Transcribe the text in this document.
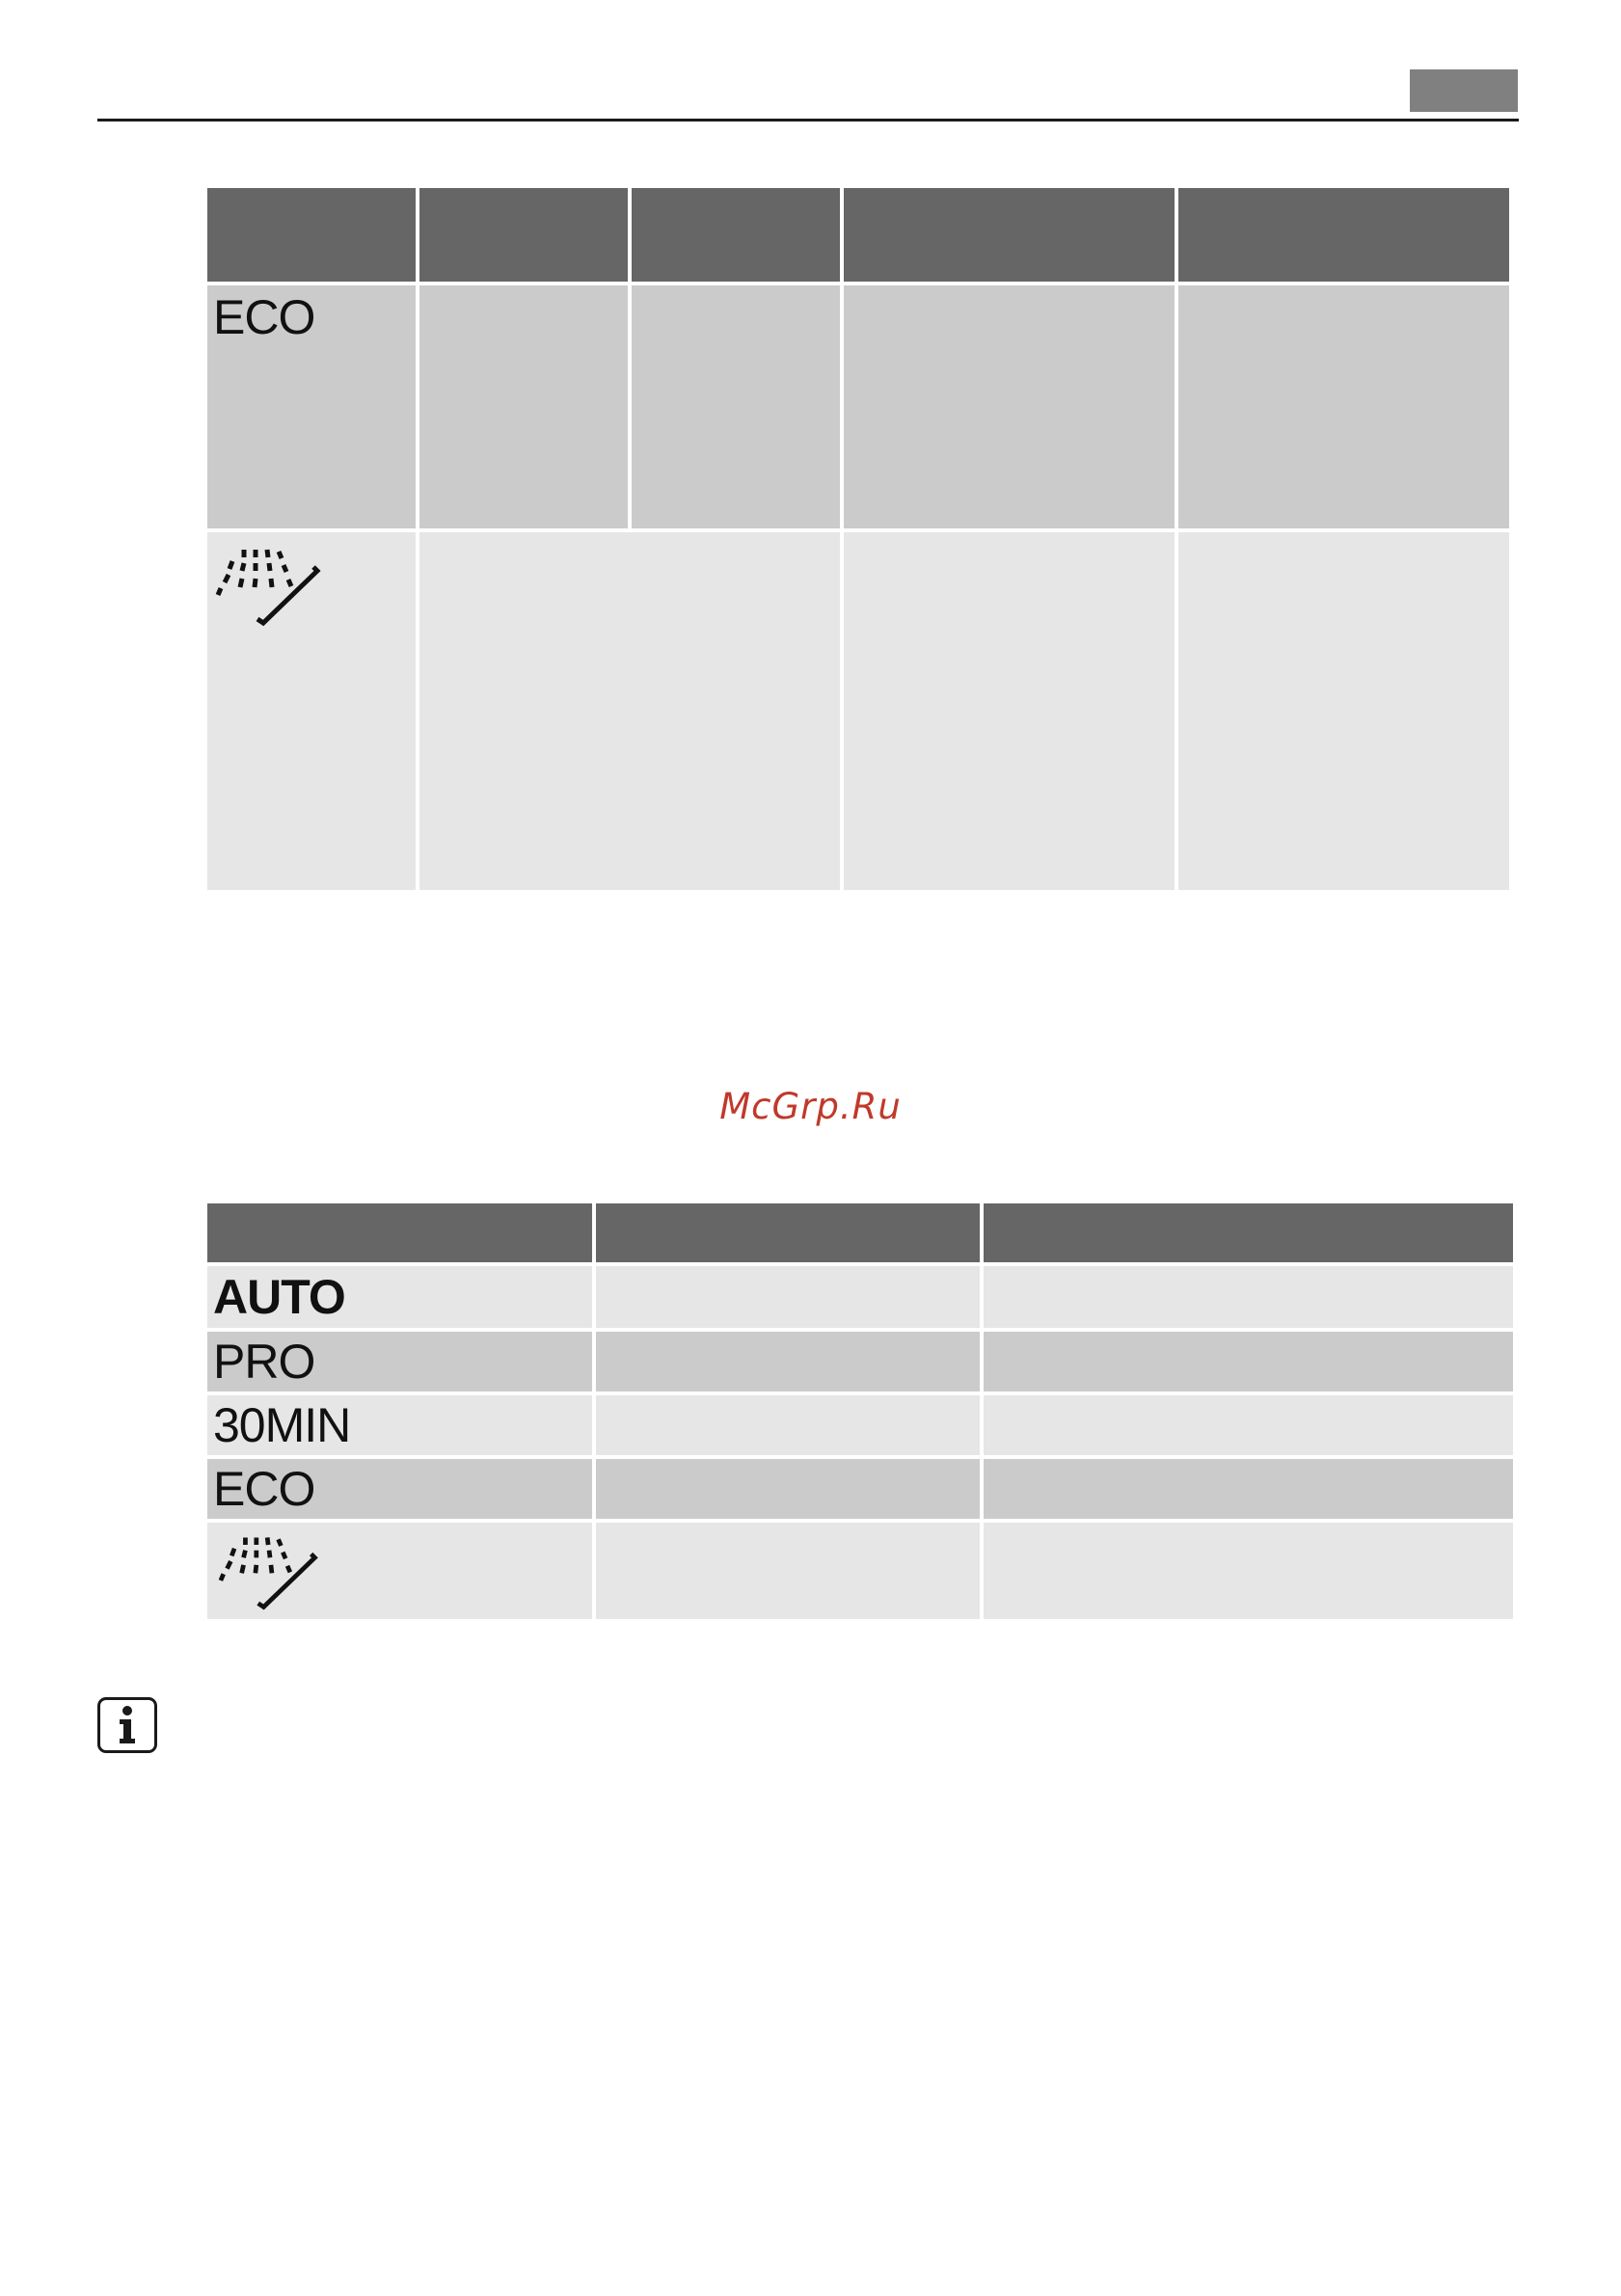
ECO				

McGrp.Ru

AUTO		

PRO		

30MIN		

ECO		
